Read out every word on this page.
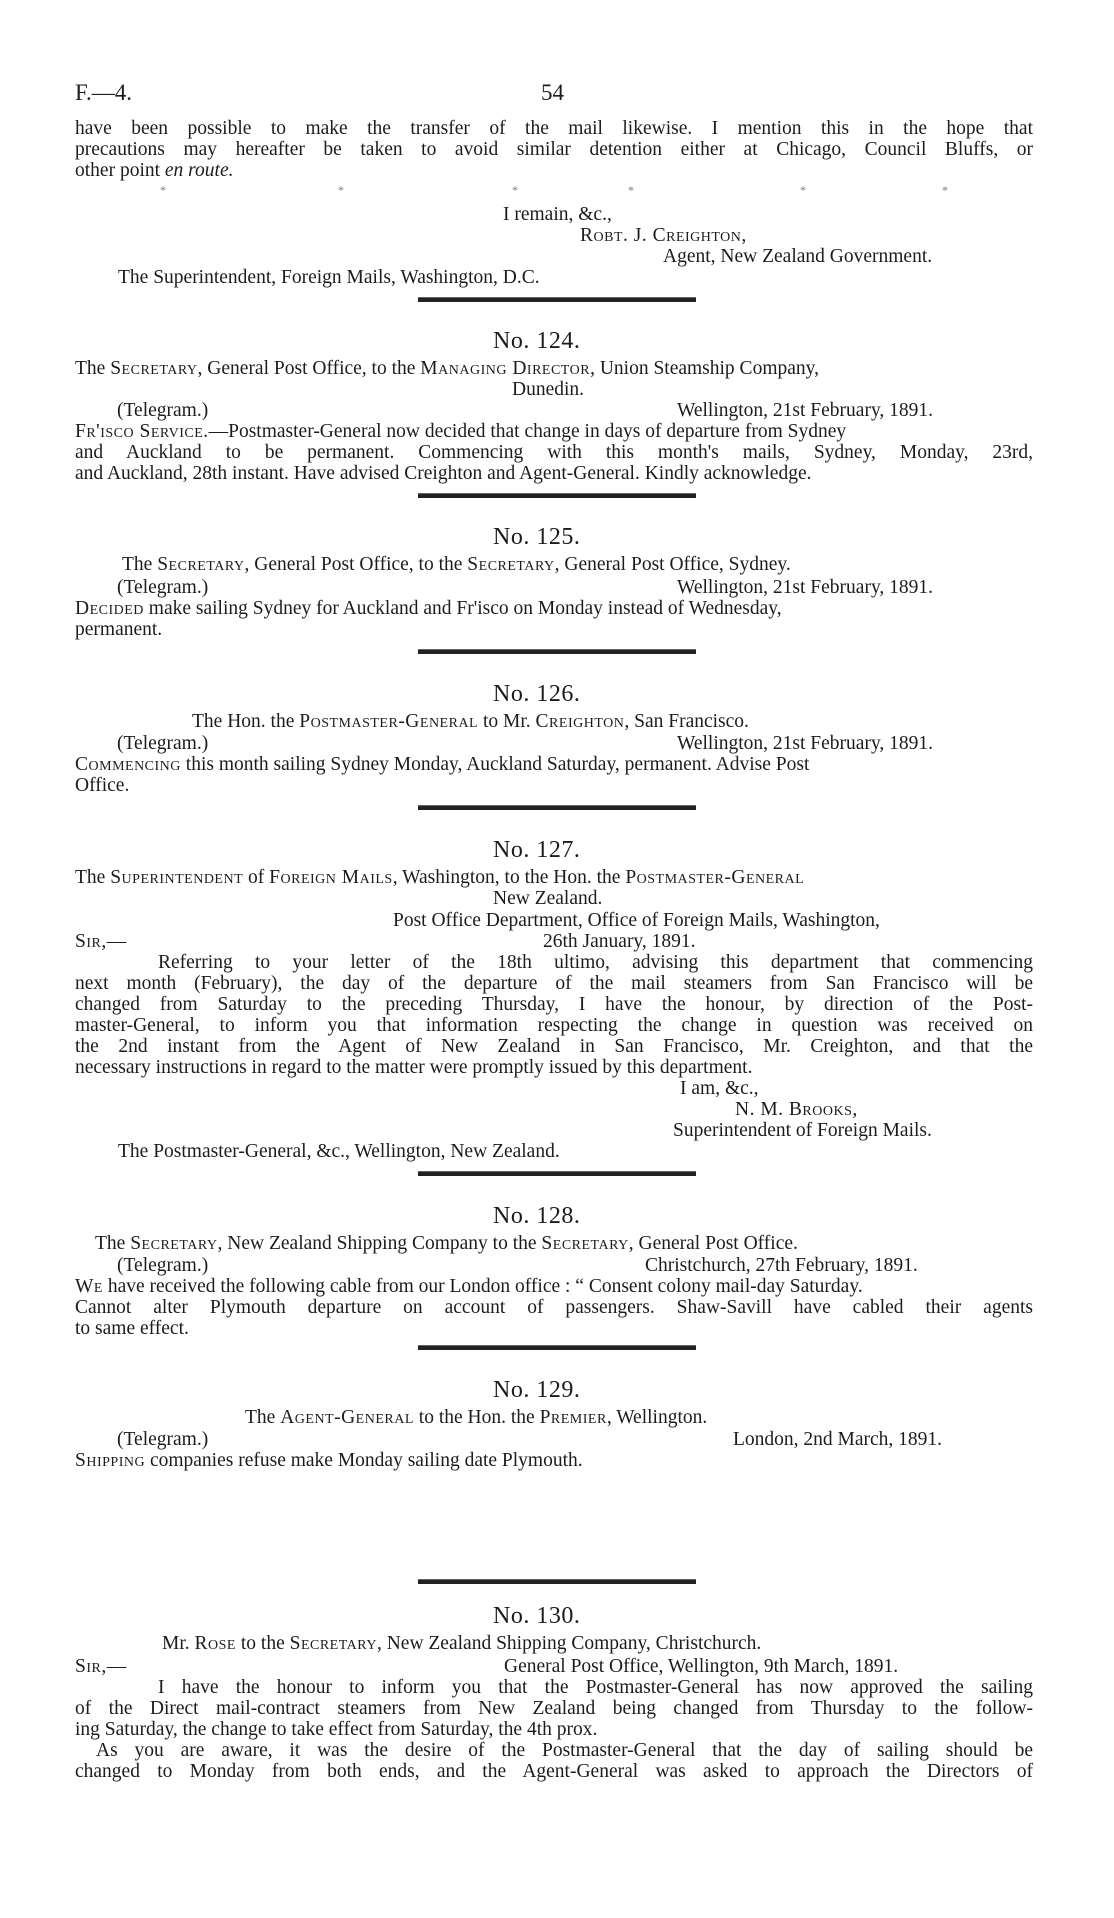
F.—4.	54
have been possible to make the transfer of the mail likewise. I mention this in the hope that
precautions may hereafter be taken to avoid similar detention either at Chicago, Council Bluffs, or
other point en route.
*	*	*	*	*	*
I remain, &c.,
Robt. J. Creighton,
Agent, New Zealand Government.
The Superintendent, Foreign Mails, Washington, D.C.
No. 124.
The Secretary, General Post Office, to the Managing Director, Union Steamship Company,
Dunedin.
(Telegram.)	Wellington, 21st February, 1891.
Fr'isco Service.—Postmaster-General now decided that change in days of departure from Sydney
and Auckland to be permanent. Commencing with this month's mails, Sydney, Monday, 23rd,
and Auckland, 28th instant. Have advised Creighton and Agent-General. Kindly acknowledge.
No. 125.
The Secretary, General Post Office, to the Secretary, General Post Office, Sydney.
(Telegram.)	Wellington, 21st February, 1891.
Decided make sailing Sydney for Auckland and Fr'isco on Monday instead of Wednesday,
permanent.
No. 126.
The Hon. the Postmaster-General to Mr. Creighton, San Francisco.
(Telegram.)	Wellington, 21st February, 1891.
Commencing this month sailing Sydney Monday, Auckland Saturday, permanent. Advise Post
Office.
No. 127.
The Superintendent of Foreign Mails, Washington, to the Hon. the Postmaster-General
New Zealand.
Post Office Department, Office of Foreign Mails, Washington,
Sir,—	26th January, 1891.
Referring to your letter of the 18th ultimo, advising this department that commencing
next month (February), the day of the departure of the mail steamers from San Francisco will be
changed from Saturday to the preceding Thursday, I have the honour, by direction of the Post-
master-General, to inform you that information respecting the change in question was received on
the 2nd instant from the Agent of New Zealand in San Francisco, Mr. Creighton, and that the
necessary instructions in regard to the matter were promptly issued by this department.
I am, &c.,
N. M. Brooks,
Superintendent of Foreign Mails.
The Postmaster-General, &c., Wellington, New Zealand.
No. 128.
The Secretary, New Zealand Shipping Company to the Secretary, General Post Office.
(Telegram.)	Christchurch, 27th February, 1891.
We have received the following cable from our London office : “ Consent colony mail-day Saturday.
Cannot alter Plymouth departure on account of passengers. Shaw-Savill have cabled their agents
to same effect.
No. 129.
The Agent-General to the Hon. the Premier, Wellington.
(Telegram.)	London, 2nd March, 1891.
Shipping companies refuse make Monday sailing date Plymouth.
No. 130.
Mr. Rose to the Secretary, New Zealand Shipping Company, Christchurch.
Sir,—	General Post Office, Wellington, 9th March, 1891.
I have the honour to inform you that the Postmaster-General has now approved the sailing
of the Direct mail-contract steamers from New Zealand being changed from Thursday to the follow-
ing Saturday, the change to take effect from Saturday, the 4th prox.
As you are aware, it was the desire of the Postmaster-General that the day of sailing should be
changed to Monday from both ends, and the Agent-General was asked to approach the Directors of
